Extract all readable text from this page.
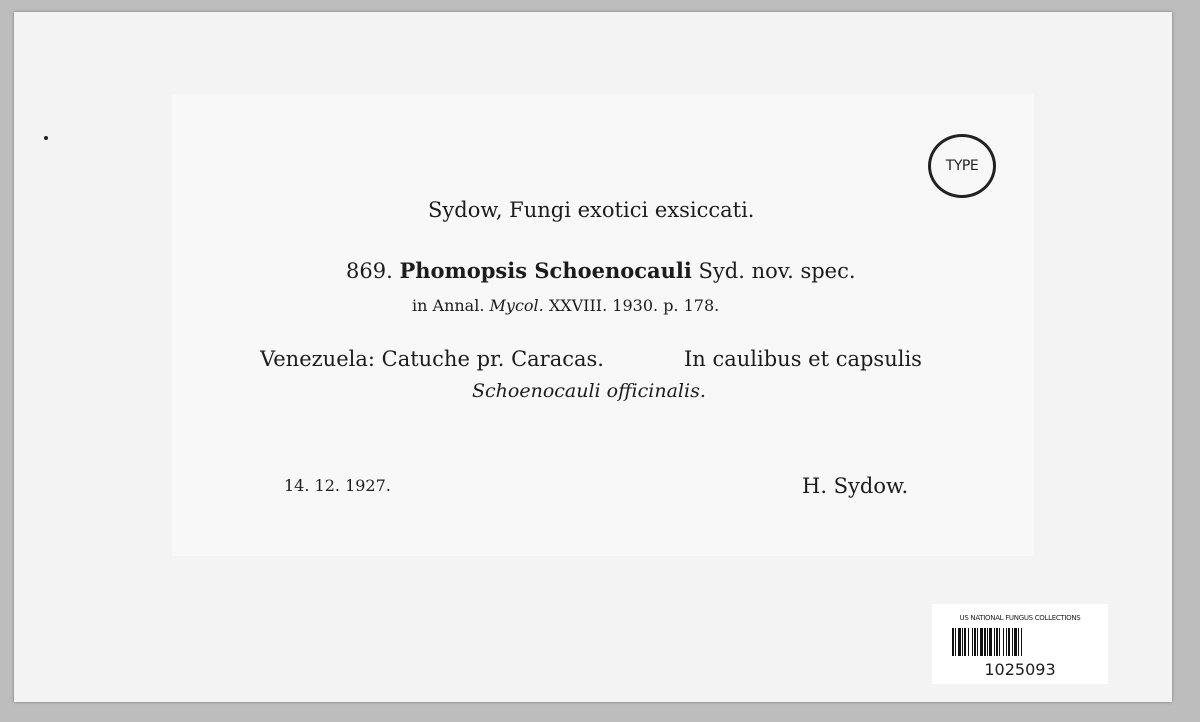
Sydow, Fungi exotici exsiccati.
869. Phomopsis Schoenocauli Syd. nov. spec.
in Annal. Mycol. XXVIII. 1930. p. 178.
Venezuela: Catuche pr. Caracas.	In caulibus et capsulis
Schoenocauli officinalis.
14. 12. 1927.	H. Sydow.
TYPE
US NATIONAL FUNGUS COLLECTIONS
1025093
